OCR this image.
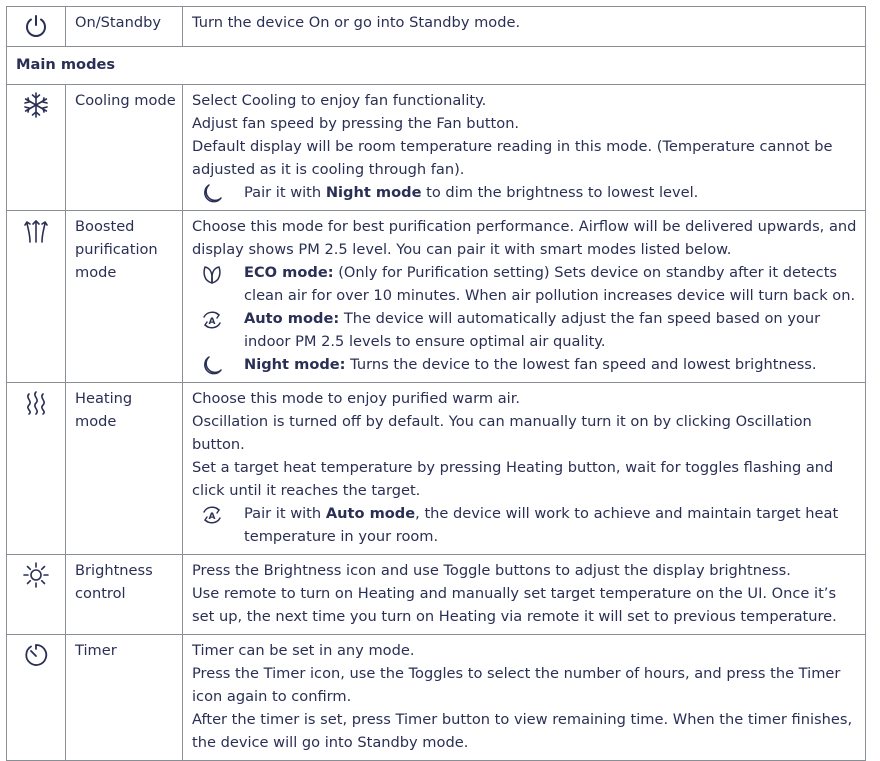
	On/Standby	Turn the device On or go into Standby mode.
Main modes		
	Cooling mode	Select Cooling to enjoy fan functionality.
Adjust fan speed by pressing the Fan button.
Default display will be room temperature reading in this mode. (Temperature cannot be adjusted as it is cooling through fan).
Pair it with Night mode to dim the brightness to lowest level.

	Boosted purification mode	Choose this mode for best purification performance. Airflow will be delivered upwards, and display shows PM 2.5 level. You can pair it with smart modes listed below.
ECO mode: (Only for Purification setting) Sets device on standby after it detects clean air for over 10 minutes. When air pollution increases device will turn back on.
A Auto mode: The device will automatically adjust the fan speed based on your indoor PM 2.5 levels to ensure optimal air quality.
Night mode: Turns the device to the lowest fan speed and lowest brightness.

	Heating mode	Choose this mode to enjoy purified warm air.
Oscillation is turned off by default. You can manually turn it on by clicking Oscillation button.
Set a target heat temperature by pressing Heating button, wait for toggles flashing and click until it reaches the target.
A Pair it with Auto mode, the device will work to achieve and maintain target heat temperature in your room.

	Brightness control	Press the Brightness icon and use Toggle buttons to adjust the display brightness.
Use remote to turn on Heating and manually set target temperature on the UI. Once it’s set up, the next time you turn on Heating via remote it will set to previous temperature.

	Timer	Timer can be set in any mode.
Press the Timer icon, use the Toggles to select the number of hours, and press the Timer icon again to confirm.
After the timer is set, press Timer button to view remaining time. When the timer finishes, the device will go into Standby mode.
